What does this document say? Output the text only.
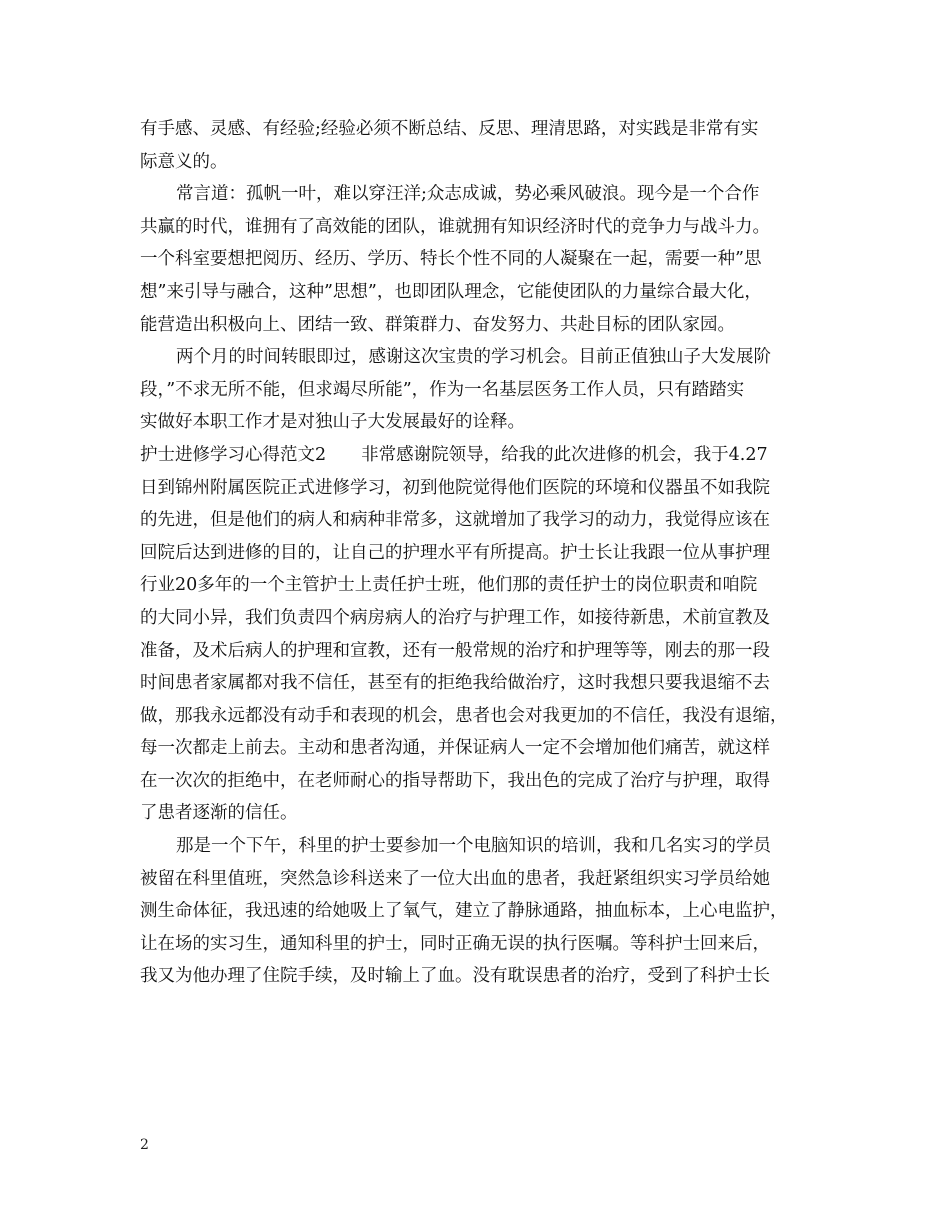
有手感、灵感、有经验;经验必须不断总结、反思、理清思路，对实践是非常有实
际意义的。
常言道：孤帆一叶，难以穿汪洋;众志成诚，势必乘风破浪。现今是一个合作
共赢的时代，谁拥有了高效能的团队，谁就拥有知识经济时代的竞争力与战斗力。
一个科室要想把阅历、经历、学历、特长个性不同的人凝聚在一起，需要一种”思
想”来引导与融合，这种”思想”，也即团队理念，它能使团队的力量综合最大化，
能营造出积极向上、团结一致、群策群力、奋发努力、共赴目标的团队家园。
两个月的时间转眼即过，感谢这次宝贵的学习机会。目前正值独山子大发展阶
段，”不求无所不能，但求竭尽所能”，作为一名基层医务工作人员，只有踏踏实
实做好本职工作才是对独山子大发展最好的诠释。
护士进修学习心得范文2　　非常感谢院领导，给我的此次进修的机会，我于4.27
日到锦州附属医院正式进修学习，初到他院觉得他们医院的环境和仪器虽不如我院
的先进，但是他们的病人和病种非常多，这就增加了我学习的动力，我觉得应该在
回院后达到进修的目的，让自己的护理水平有所提高。护士长让我跟一位从事护理
行业20多年的一个主管护士上责任护士班，他们那的责任护士的岗位职责和咱院
的大同小异，我们负责四个病房病人的治疗与护理工作，如接待新患，术前宣教及
准备，及术后病人的护理和宣教，还有一般常规的治疗和护理等等，刚去的那一段
时间患者家属都对我不信任，甚至有的拒绝我给做治疗，这时我想只要我退缩不去
做，那我永远都没有动手和表现的机会，患者也会对我更加的不信任，我没有退缩，
每一次都走上前去。主动和患者沟通，并保证病人一定不会增加他们痛苦，就这样
在一次次的拒绝中，在老师耐心的指导帮助下，我出色的完成了治疗与护理，取得
了患者逐渐的信任。
那是一个下午，科里的护士要参加一个电脑知识的培训，我和几名实习的学员
被留在科里值班，突然急诊科送来了一位大出血的患者，我赶紧组织实习学员给她
测生命体征，我迅速的给她吸上了氧气，建立了静脉通路，抽血标本，上心电监护，
让在场的实习生，通知科里的护士，同时正确无误的执行医嘱。等科护士回来后，
我又为他办理了住院手续，及时输上了血。没有耽误患者的治疗，受到了科护士长
2
